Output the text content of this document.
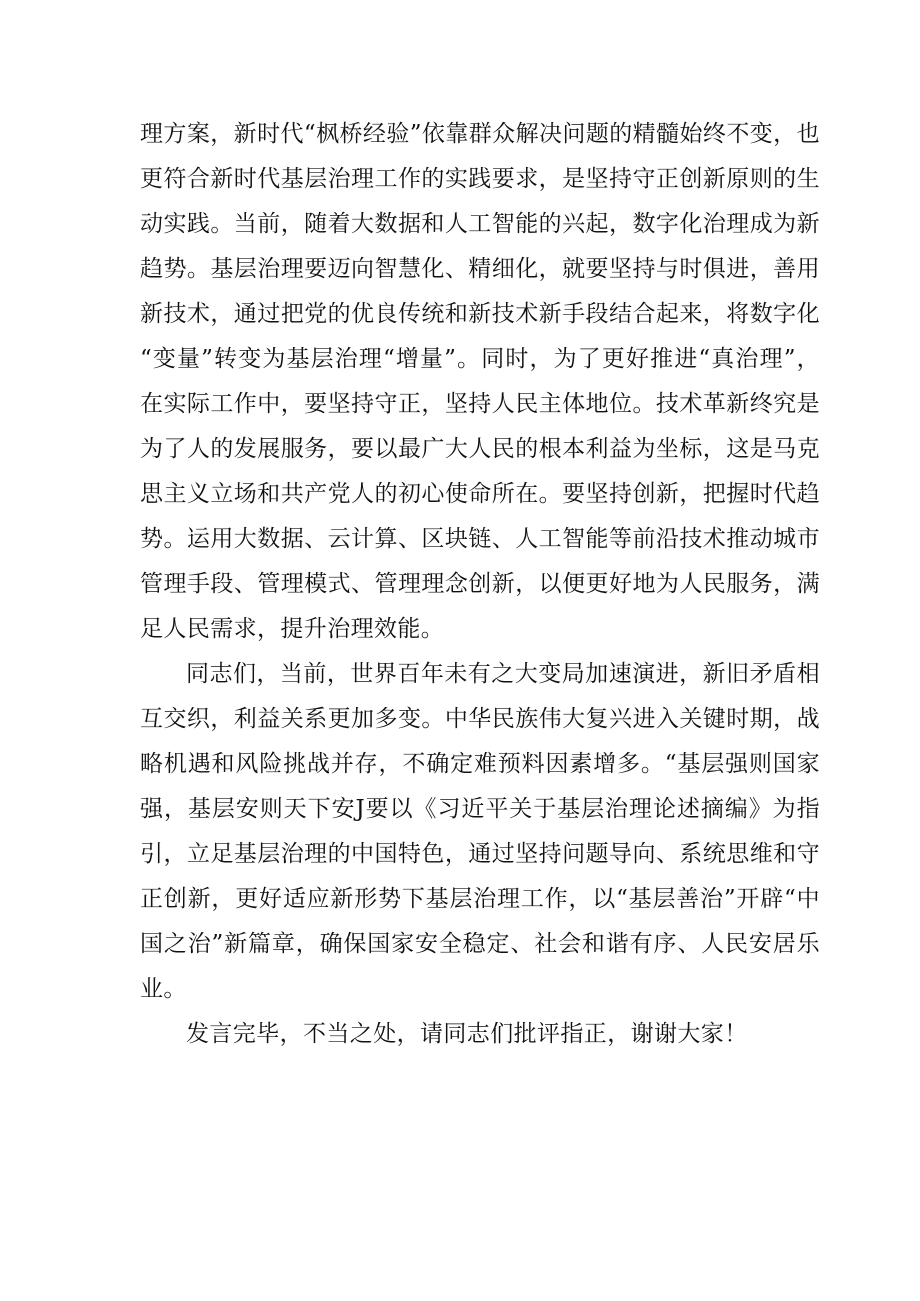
理方案，新时代“枫桥经验”依靠群众解决问题的精髓始终不变，也更符合新时代基层治理工作的实践要求，是坚持守正创新原则的生动实践。当前，随着大数据和人工智能的兴起，数字化治理成为新趋势。基层治理要迈向智慧化、精细化，就要坚持与时俱进，善用新技术，通过把党的优良传统和新技术新手段结合起来，将数字化“变量”转变为基层治理“增量”。同时，为了更好推进“真治理”，在实际工作中，要坚持守正，坚持人民主体地位。技术革新终究是为了人的发展服务，要以最广大人民的根本利益为坐标，这是马克思主义立场和共产党人的初心使命所在。要坚持创新，把握时代趋势。运用大数据、云计算、区块链、人工智能等前沿技术推动城市管理手段、管理模式、管理理念创新，以便更好地为人民服务，满足人民需求，提升治理效能。

同志们，当前，世界百年未有之大变局加速演进，新旧矛盾相互交织，利益关系更加多变。中华民族伟大复兴进入关键时期，战略机遇和风险挑战并存，不确定难预料因素增多。“基层强则国家强，基层安则天下安J要以《习近平关于基层治理论述摘编》为指引，立足基层治理的中国特色，通过坚持问题导向、系统思维和守正创新，更好适应新形势下基层治理工作，以“基层善治”开辟“中国之治”新篇章，确保国家安全稳定、社会和谐有序、人民安居乐业。

发言完毕，不当之处，请同志们批评指正，谢谢大家！
